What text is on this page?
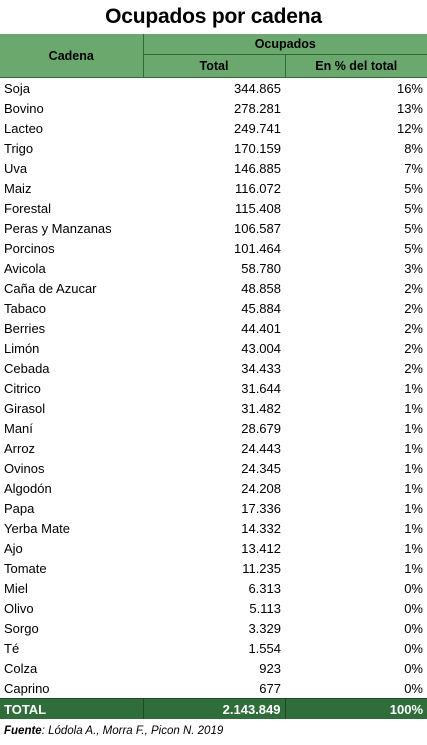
Ocupados por cadena
Cadena	Ocupados	
	Total	En % del total
Soja	344.865	16%
Bovino	278.281	13%
Lacteo	249.741	12%
Trigo	170.159	8%
Uva	146.885	7%
Maiz	116.072	5%
Forestal	115.408	5%
Peras y Manzanas	106.587	5%
Porcinos	101.464	5%
Avicola	58.780	3%
Caña de Azucar	48.858	2%
Tabaco	45.884	2%
Berries	44.401	2%
Limón	43.004	2%
Cebada	34.433	2%
Citrico	31.644	1%
Girasol	31.482	1%
Maní	28.679	1%
Arroz	24.443	1%
Ovinos	24.345	1%
Algodón	24.208	1%
Papa	17.336	1%
Yerba Mate	14.332	1%
Ajo	13.412	1%
Tomate	11.235	1%
Miel	6.313	0%
Olivo	5.113	0%
Sorgo	3.329	0%
Té	1.554	0%
Colza	923	0%
Caprino	677	0%
TOTAL	2.143.849	100%
Fuente: Lódola A., Morra F., Picon N. 2019
